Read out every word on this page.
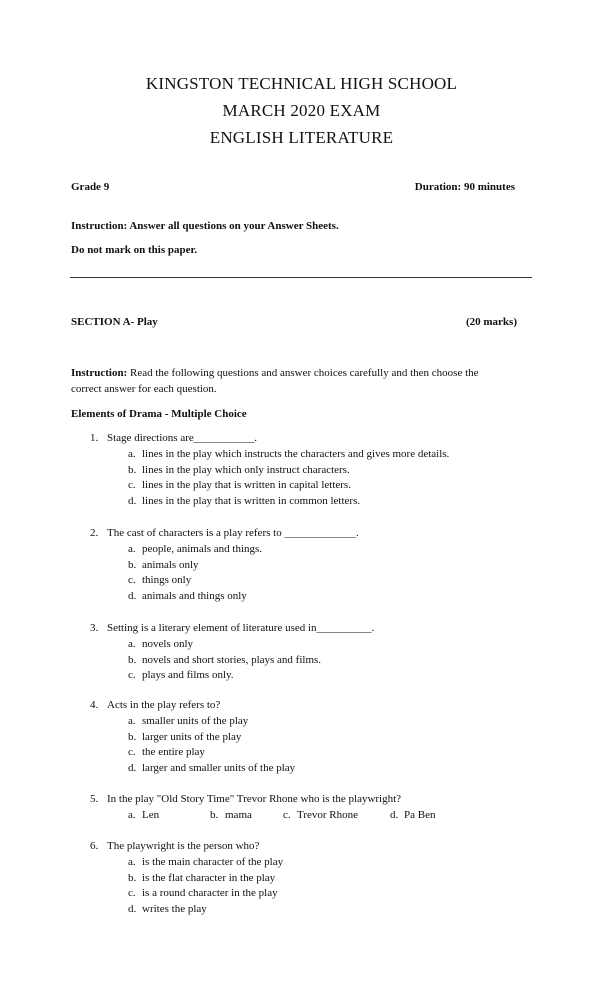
KINGSTON TECHNICAL HIGH SCHOOL
MARCH 2020 EXAM
ENGLISH LITERATURE
Grade 9	Duration: 90 minutes
Instruction: Answer all questions on your Answer Sheets.
Do not mark on this paper.
SECTION A- Play	(20 marks)
Instruction: Read the following questions and answer choices carefully and then choose the
correct answer for each question.
Elements of Drama - Multiple Choice
1. Stage directions are___________.
a. lines in the play which instructs the characters and gives more details.
b. lines in the play which only instruct characters.
c. lines in the play that is written in capital letters.
d. lines in the play that is written in common letters.
2. The cast of characters is a play refers to _____________.
a. people, animals and things.
b. animals only
c. things only
d. animals and things only
3. Setting is a literary element of literature used in__________.
a. novels only
b. novels and short stories, plays and films.
c. plays and films only.
4. Acts in the play refers to?
a. smaller units of the play
b. larger units of the play
c. the entire play
d. larger and smaller units of the play
5. In the play "Old Story Time" Trevor Rhone who is the playwright?
a. Len	b. mama	c. Trevor Rhone	d. Pa Ben
6. The playwright is the person who?
a. is the main character of the play
b. is the flat character in the play
c. is a round character in the play
d. writes the play
